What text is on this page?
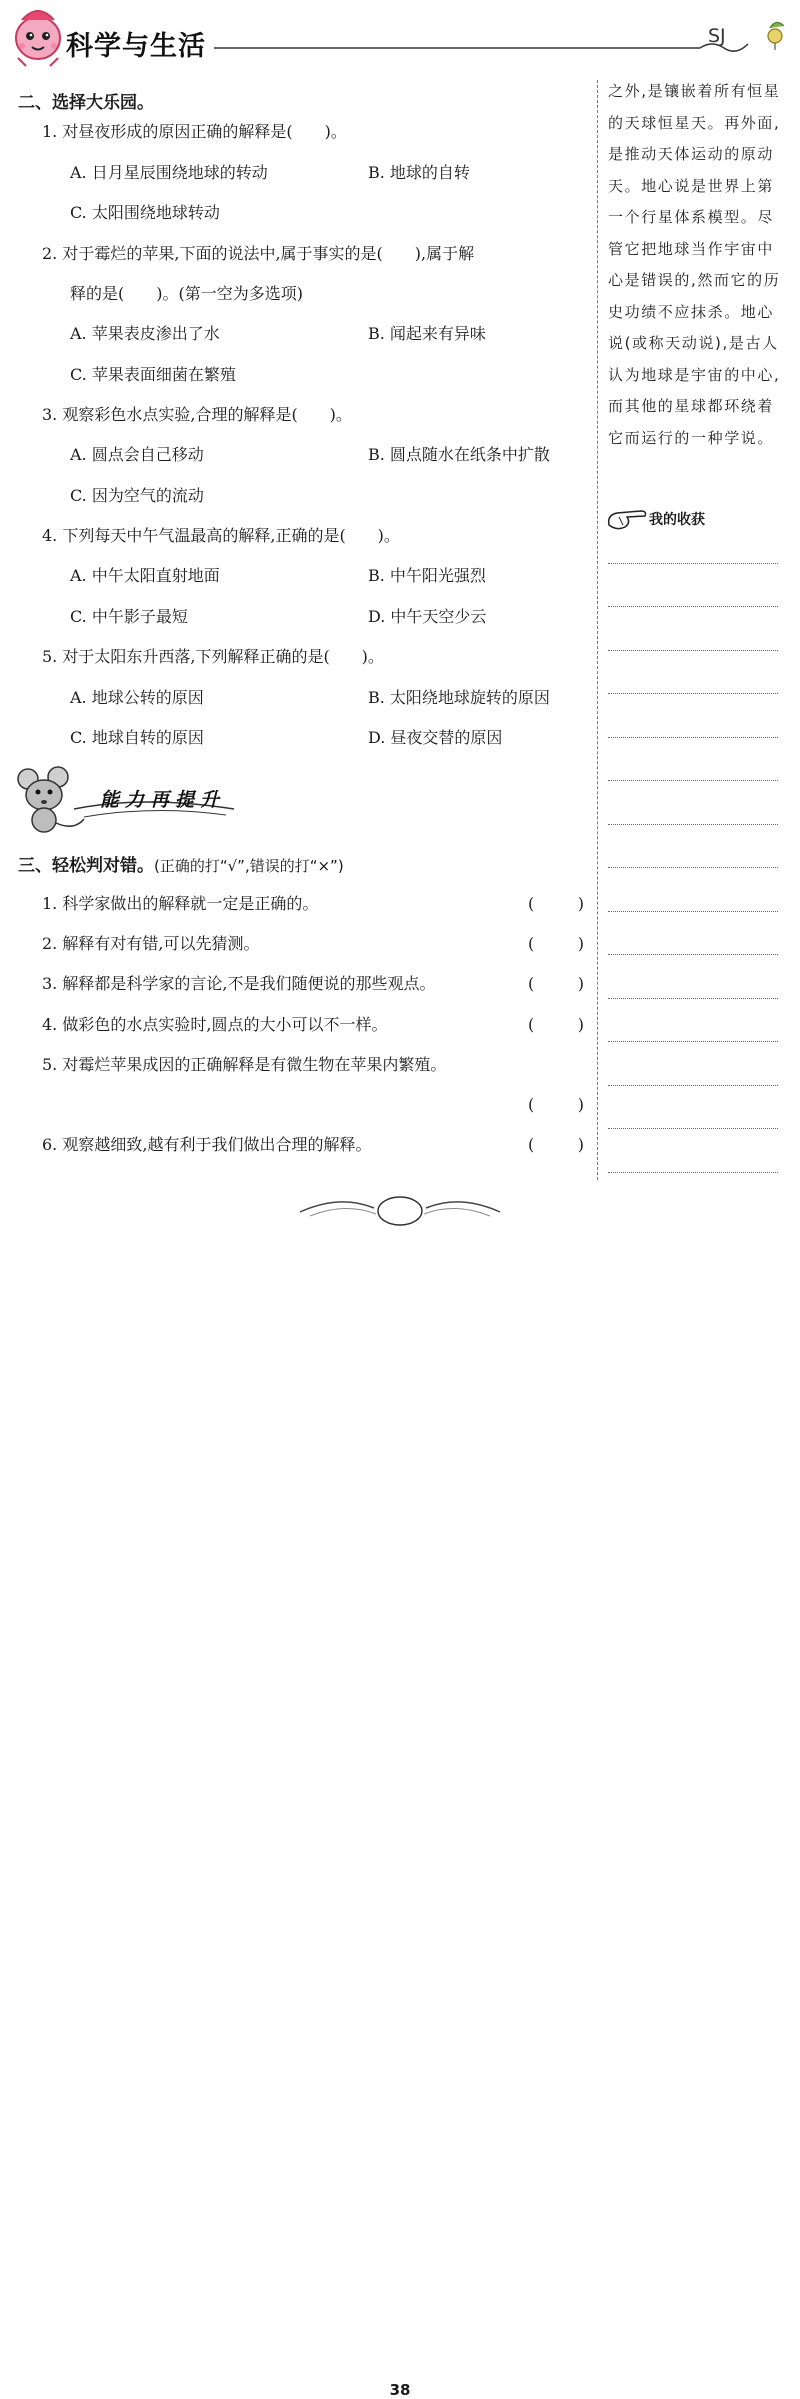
科学与生活	SJ
二、选择大乐园。
1. 对昼夜形成的原因正确的解释是(　　)。
A. 日月星辰围绕地球的转动	B. 地球的自转
C. 太阳围绕地球转动
2. 对于霉烂的苹果,下面的说法中,属于事实的是(　　),属于解
释的是(　　)。(第一空为多选项)
A. 苹果表皮渗出了水	B. 闻起来有异味
C. 苹果表面细菌在繁殖
3. 观察彩色水点实验,合理的解释是(　　)。
A. 圆点会自己移动	B. 圆点随水在纸条中扩散
C. 因为空气的流动
4. 下列每天中午气温最高的解释,正确的是(　　)。
A. 中午太阳直射地面	B. 中午阳光强烈
C. 中午影子最短	D. 中午天空少云
5. 对于太阳东升西落,下列解释正确的是(　　)。
A. 地球公转的原因	B. 太阳绕地球旋转的原因
C. 地球自转的原因	D. 昼夜交替的原因
能力再提升
三、轻松判对错。(正确的打“√”,错误的打“×”)
1. 科学家做出的解释就一定是正确的。	(	)
2. 解释有对有错,可以先猜测。	(	)
3. 解释都是科学家的言论,不是我们随便说的那些观点。	(	)
4. 做彩色的水点实验时,圆点的大小可以不一样。	(	)
5. 对霉烂苹果成因的正确解释是有微生物在苹果内繁殖。
(	)
6. 观察越细致,越有利于我们做出合理的解释。	(	)
之外,是镶嵌着所有恒星的天球恒星天。再外面,是推动天体运动的原动天。地心说是世界上第一个行星体系模型。尽管它把地球当作宇宙中心是错误的,然而它的历史功绩不应抹杀。地心说(或称天动说),是古人认为地球是宇宙的中心,而其他的星球都环绕着它而运行的一种学说。
我的收获
38
